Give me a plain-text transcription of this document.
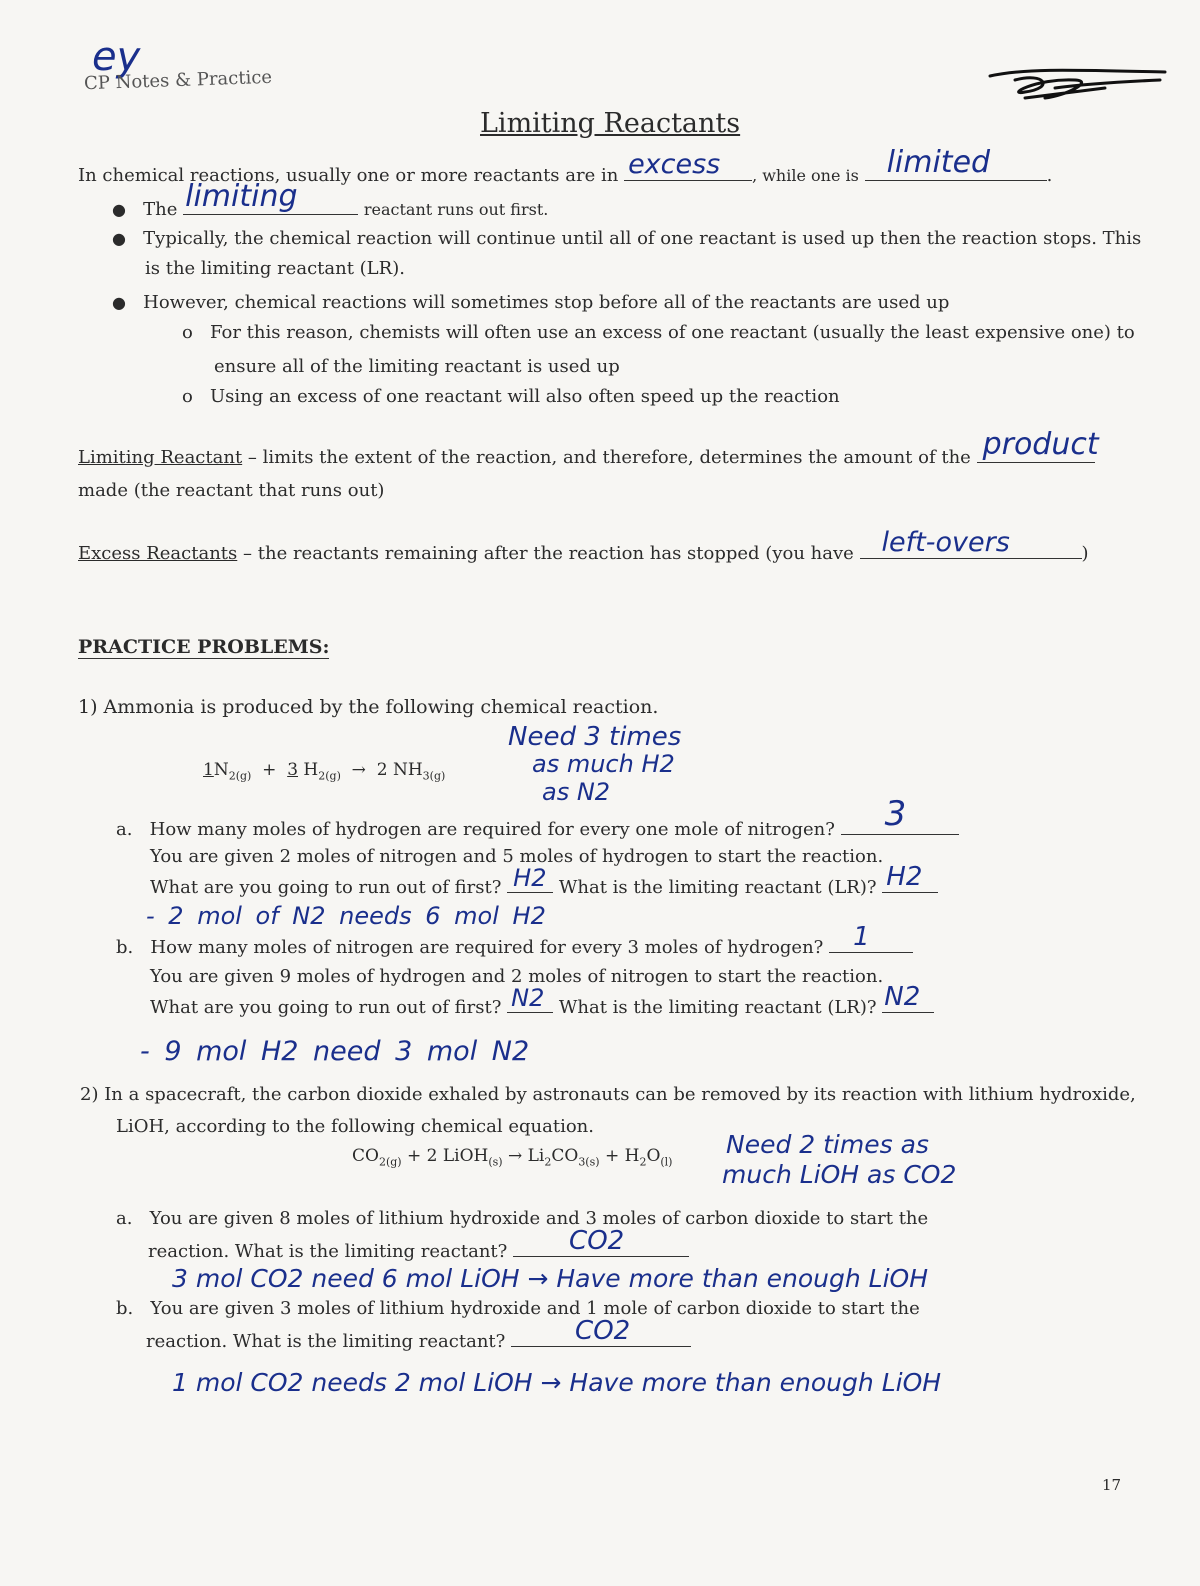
ey
CP Notes & Practice
Limiting Reactants
In chemical reactions, usually one or more reactants are in excess , while one is limited	.
● The limiting	reactant runs out first.
● Typically, the chemical reaction will continue until all of one reactant is used up then the reaction stops. This
is the limiting reactant (LR).
● However, chemical reactions will sometimes stop before all of the reactants are used up
o For this reason, chemists will often use an excess of one reactant (usually the least expensive one) to
ensure all of the limiting reactant is used up
o Using an excess of one reactant will also often speed up the reaction
Limiting Reactant – limits the extent of the reaction, and therefore, determines the amount of the product
made (the reactant that runs out)
Excess Reactants – the reactants remaining after the reaction has stopped (you have left-overs	)
PRACTICE PROBLEMS:
1) Ammonia is produced by the following chemical reaction.
$1N_{2(g)} + 3$ $H_{2(g)} \to 2$ $NH_{3(g)}$
Need 3 times
as much H2
as N2
a. How many moles of hydrogen are required for every one mole of nitrogen? 3
You are given 2 moles of nitrogen and 5 moles of hydrogen to start the reaction.
What are you going to run out of first? H2 What is the limiting reactant (LR)? H2
- 2 mol of N2 needs 6 mol H2
b. How many moles of nitrogen are required for every 3 moles of hydrogen? 1
You are given 9 moles of hydrogen and 2 moles of nitrogen to start the reaction.
What are you going to run out of first? N2 What is the limiting reactant (LR)? N2
- 9 mol H2 need 3 mol N2
2) In a spacecraft, the carbon dioxide exhaled by astronauts can be removed by its reaction with lithium hydroxide,
LiOH, according to the following chemical equation.
$CO_{2(g)} + 2$ LiOH$_{(s)}$ → $Li_2CO_{3(s)} + H_2O_{(l)}$
Need 2 times as
much LiOH as CO2
a. You are given 8 moles of lithium hydroxide and 3 moles of carbon dioxide to start the
reaction. What is the limiting reactant? CO2
3 mol CO2 need 6 mol LiOH → Have more than enough LiOH
b. You are given 3 moles of lithium hydroxide and 1 mole of carbon dioxide to start the
reaction. What is the limiting reactant?	CO2
1 mol CO2 needs 2 mol LiOH → Have more than enough LiOH
17
